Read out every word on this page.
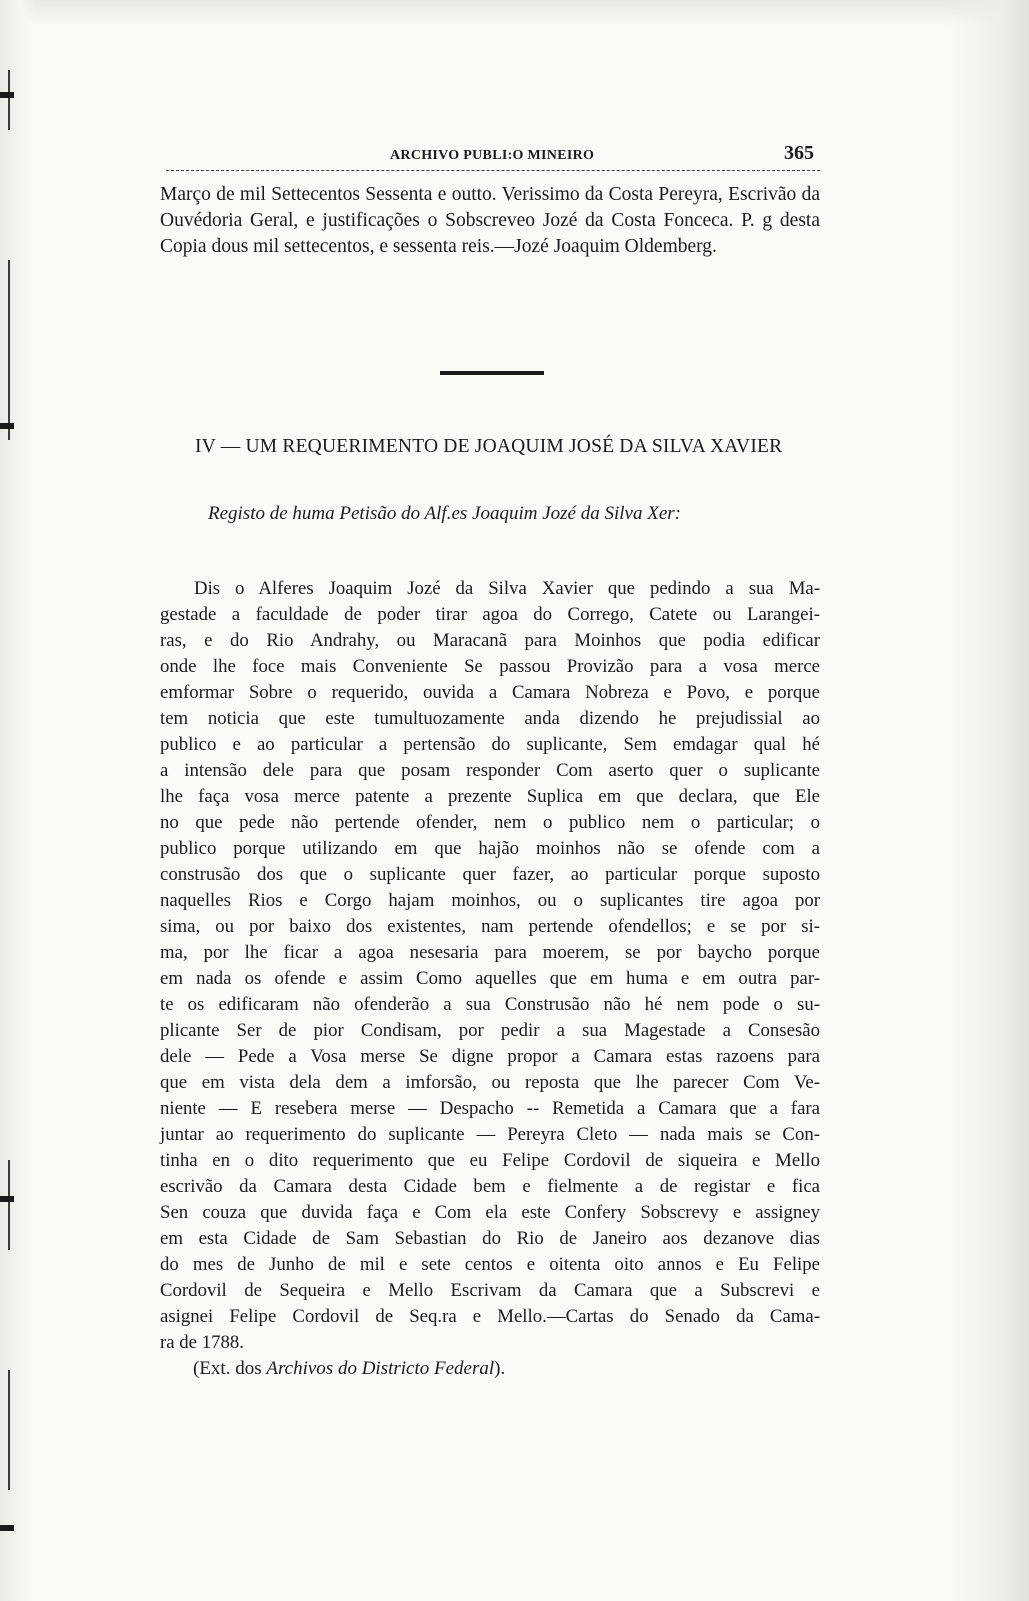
ARCHIVO PUBLI:O MINEIRO	365

Março de mil Settecentos Sessenta e outto. Verissimo da Costa Pereyra, Escrivão da Ouvédoria Geral, e justificações o Sobscreveo Jozé da Costa Fonceca. P. g desta Copia dous mil settecentos, e sessenta reis.—Jozé Joaquim Oldemberg.

IV — UM REQUERIMENTO DE JOAQUIM JOSÉ DA SILVA XAVIER

Registo de huma Petisão do Alf.es Joaquim Jozé da Silva Xer:

Dis o Alferes Joaquim Jozé da Silva Xavier que pedindo a sua Ma-
gestade a faculdade de poder tirar agoa do Corrego, Catete ou Larangei-
ras, e do Rio Andrahy, ou Maracanã para Moinhos que podia edificar
onde lhe foce mais Conveniente Se passou Provizão para a vosa merce
emformar Sobre o requerido, ouvida a Camara Nobreza e Povo, e porque
tem noticia que este tumultuozamente anda dizendo he prejudissial ao
publico e ao particular a pertensão do suplicante, Sem emdagar qual hé
a intensão dele para que posam responder Com aserto quer o suplicante
lhe faça vosa merce patente a prezente Suplica em que declara, que Ele
no que pede não pertende ofender, nem o publico nem o particular; o
publico porque utilizando em que hajão moinhos não se ofende com a
construsão dos que o suplicante quer fazer, ao particular porque suposto
naquelles Rios e Corgo hajam moinhos, ou o suplicantes tire agoa por
sima, ou por baixo dos existentes, nam pertende ofendellos; e se por si-
ma, por lhe ficar a agoa nesesaria para moerem, se por baycho porque
em nada os ofende e assim Como aquelles que em huma e em outra par-
te os edificaram não ofenderão a sua Construsão não hé nem pode o su-
plicante Ser de pior Condisam, por pedir a sua Magestade a Consesão
dele — Pede a Vosa merse Se digne propor a Camara estas razoens para
que em vista dela dem a imforsão, ou reposta que lhe parecer Com Ve-
niente — E resebera merse — Despacho -- Remetida a Camara que a fara
juntar ao requerimento do suplicante — Pereyra Cleto — nada mais se Con-
tinha en o dito requerimento que eu Felipe Cordovil de siqueira e Mello
escrivão da Camara desta Cidade bem e fielmente a de registar e fica
Sen couza que duvida faça e Com ela este Confery Sobscrevy e assigney
em esta Cidade de Sam Sebastian do Rio de Janeiro aos dezanove dias
do mes de Junho de mil e sete centos e oitenta oito annos e Eu Felipe
Cordovil de Sequeira e Mello Escrivam da Camara que a Subscrevi e
asignei Felipe Cordovil de Seq.ra e Mello.—Cartas do Senado da Cama-
ra de 1788.

(Ext. dos Archivos do Districto Federal).
